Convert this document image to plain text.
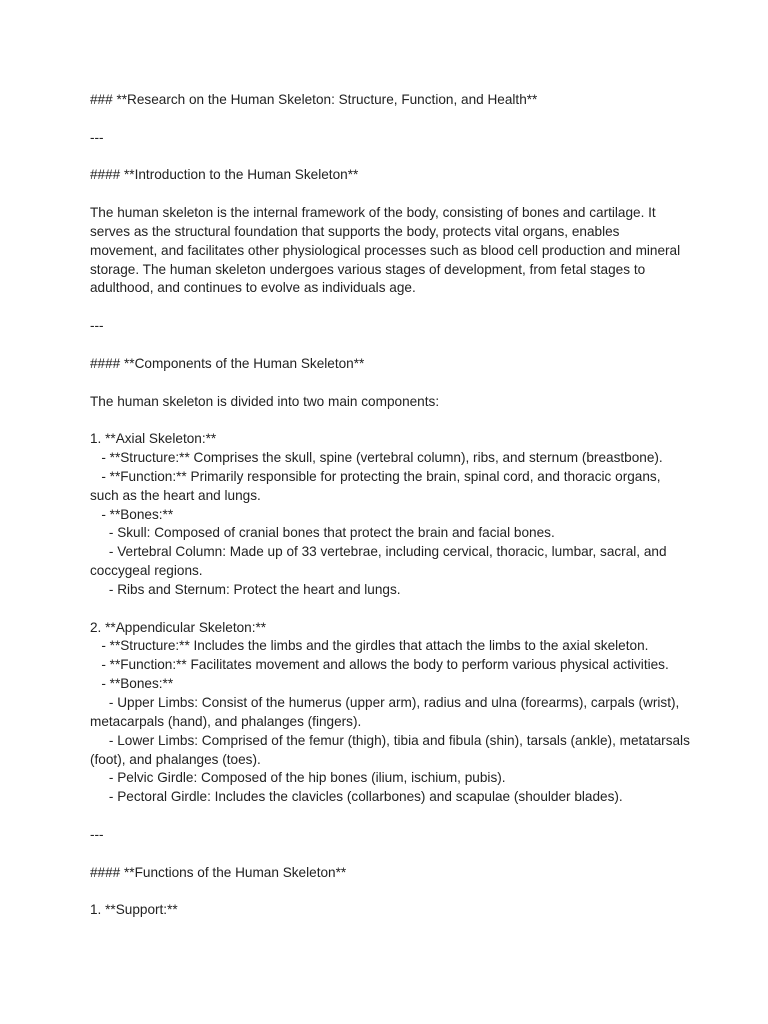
### **Research on the Human Skeleton: Structure, Function, and Health**
---
#### **Introduction to the Human Skeleton**
The human skeleton is the internal framework of the body, consisting of bones and cartilage. It serves as the structural foundation that supports the body, protects vital organs, enables movement, and facilitates other physiological processes such as blood cell production and mineral storage. The human skeleton undergoes various stages of development, from fetal stages to adulthood, and continues to evolve as individuals age.
---
#### **Components of the Human Skeleton**
The human skeleton is divided into two main components:
1. **Axial Skeleton:**
- **Structure:** Comprises the skull, spine (vertebral column), ribs, and sternum (breastbone).
- **Function:** Primarily responsible for protecting the brain, spinal cord, and thoracic organs, such as the heart and lungs.
- **Bones:**
- Skull: Composed of cranial bones that protect the brain and facial bones.
- Vertebral Column: Made up of 33 vertebrae, including cervical, thoracic, lumbar, sacral, and coccygeal regions.
- Ribs and Sternum: Protect the heart and lungs.
2. **Appendicular Skeleton:**
- **Structure:** Includes the limbs and the girdles that attach the limbs to the axial skeleton.
- **Function:** Facilitates movement and allows the body to perform various physical activities.
- **Bones:**
- Upper Limbs: Consist of the humerus (upper arm), radius and ulna (forearms), carpals (wrist), metacarpals (hand), and phalanges (fingers).
- Lower Limbs: Comprised of the femur (thigh), tibia and fibula (shin), tarsals (ankle), metatarsals (foot), and phalanges (toes).
- Pelvic Girdle: Composed of the hip bones (ilium, ischium, pubis).
- Pectoral Girdle: Includes the clavicles (collarbones) and scapulae (shoulder blades).
---
#### **Functions of the Human Skeleton**
1. **Support:**
